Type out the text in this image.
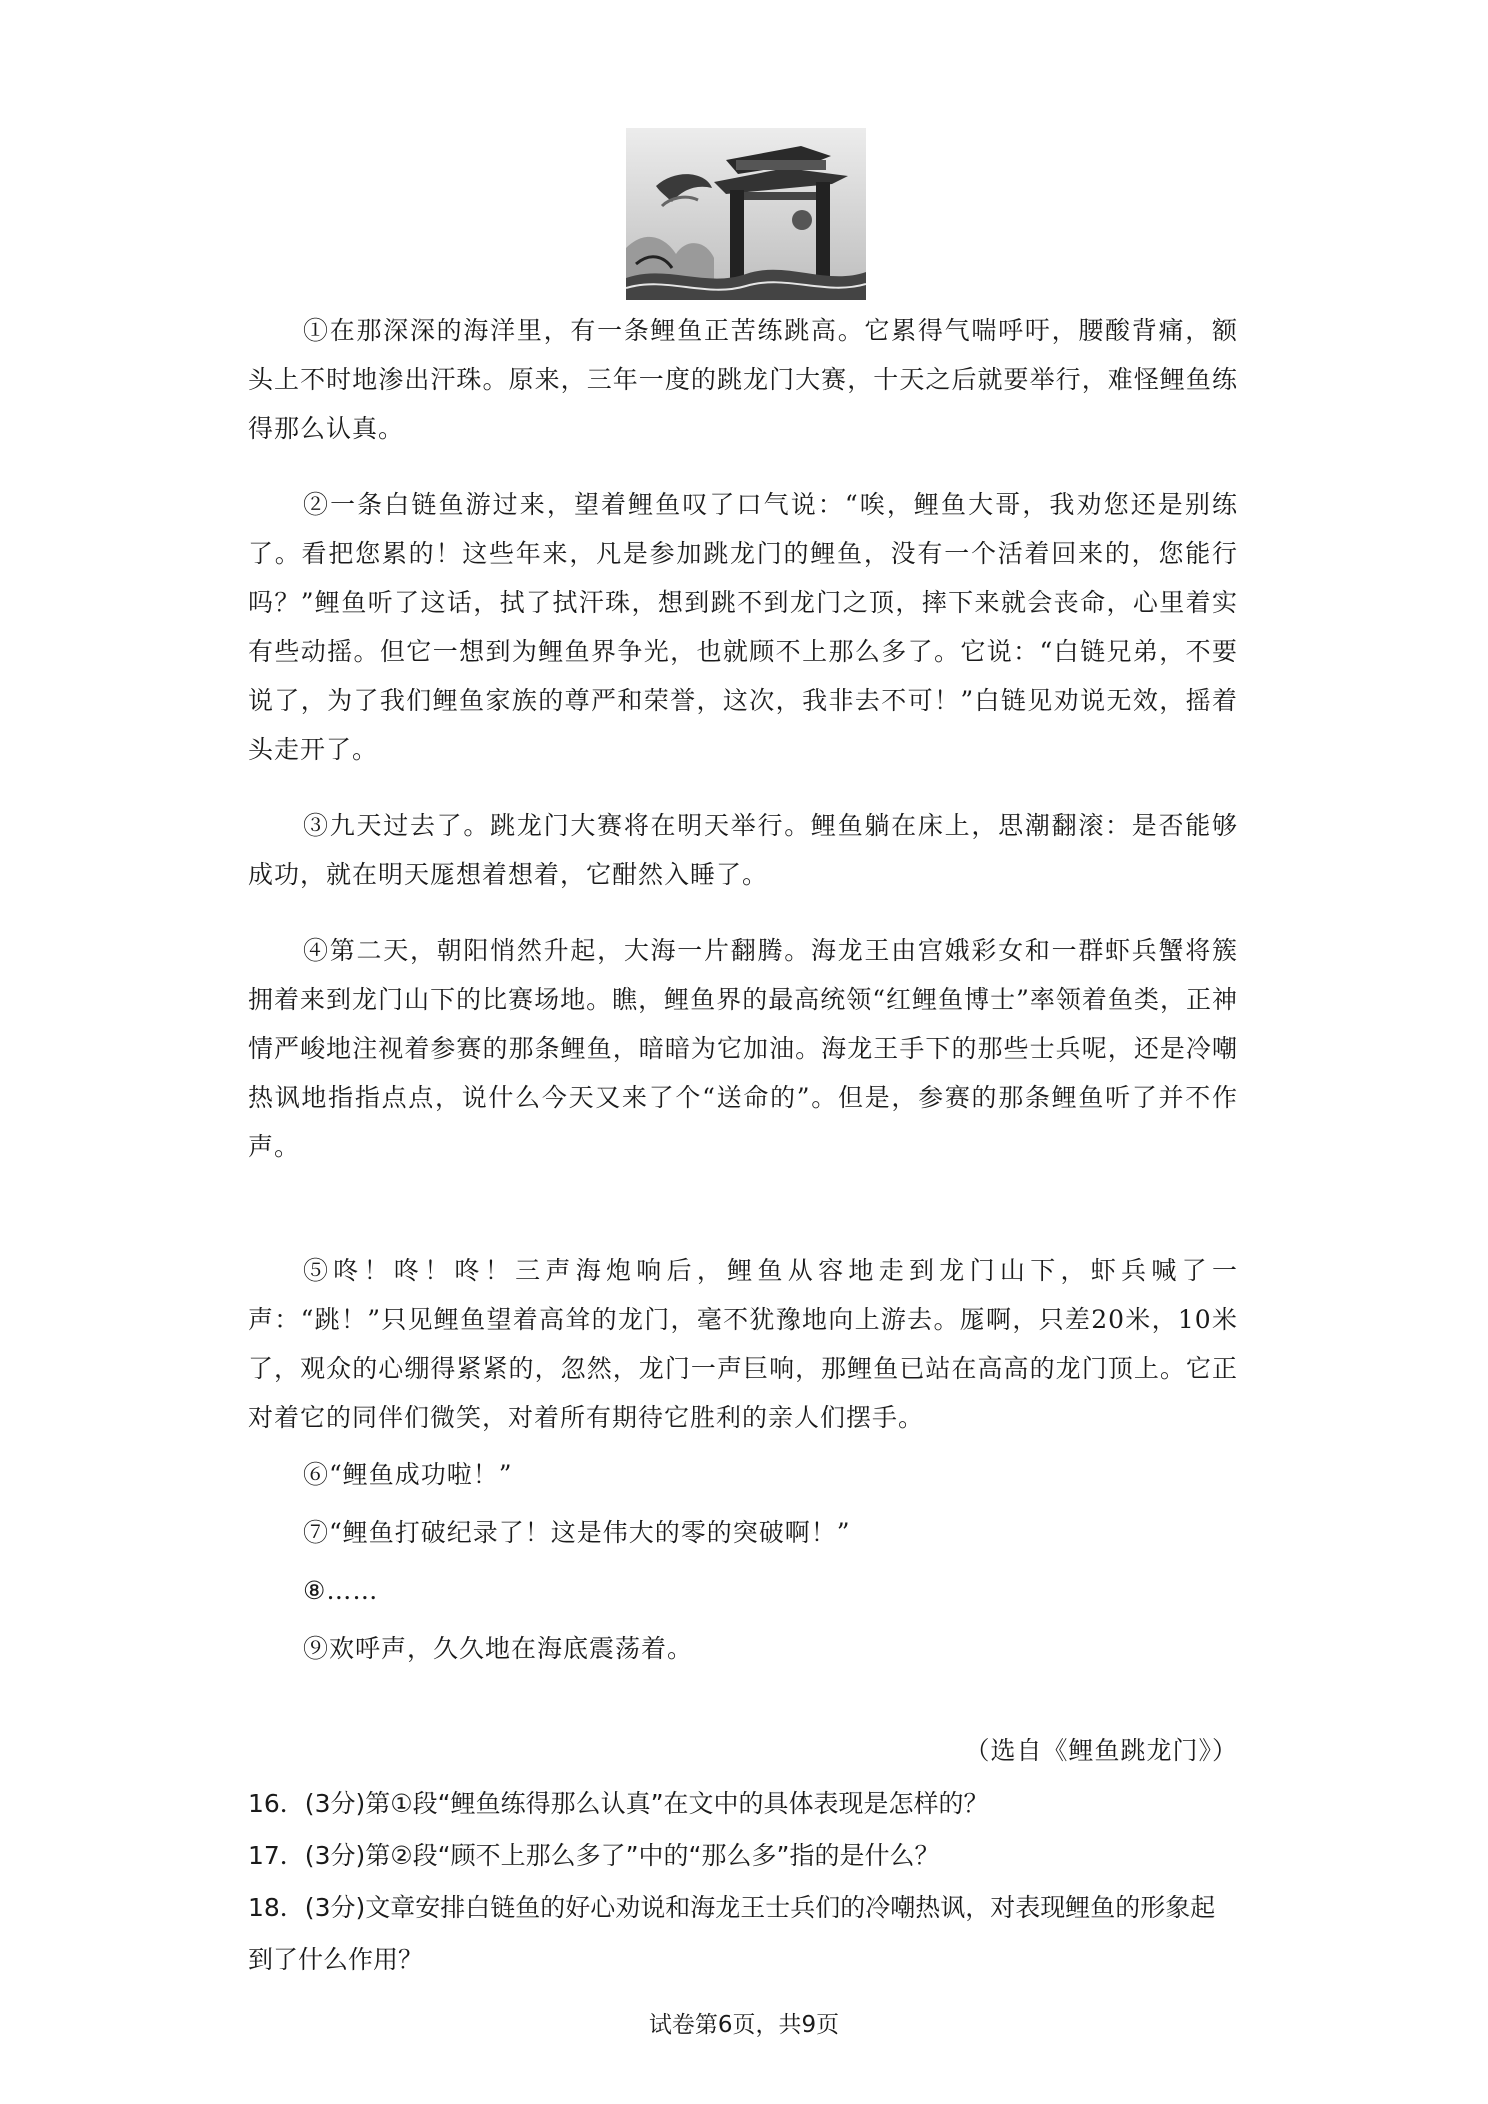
①在那深深的海洋里，有一条鲤鱼正苦练跳高。它累得气喘呼吁，腰酸背痛，额头上不时地渗出汗珠。原来，三年一度的跳龙门大赛，十天之后就要举行，难怪鲤鱼练得那么认真。

②一条白链鱼游过来，望着鲤鱼叹了口气说：“唉，鲤鱼大哥，我劝您还是别练了。看把您累的！这些年来，凡是参加跳龙门的鲤鱼，没有一个活着回来的，您能行吗？”鲤鱼听了这话，拭了拭汗珠，想到跳不到龙门之顶，摔下来就会丧命，心里着实有些动摇。但它一想到为鲤鱼界争光，也就顾不上那么多了。它说：“白链兄弟，不要说了，为了我们鲤鱼家族的尊严和荣誉，这次，我非去不可！”白链见劝说无效，摇着头走开了。

③九天过去了。跳龙门大赛将在明天举行。鲤鱼躺在床上，思潮翻滚：是否能够成功，就在明天厖想着想着，它酣然入睡了。

④第二天，朝阳悄然升起，大海一片翻腾。海龙王由宫娥彩女和一群虾兵蟹将簇拥着来到龙门山下的比赛场地。瞧，鲤鱼界的最高统领“红鲤鱼博士”率领着鱼类，正神情严峻地注视着参赛的那条鲤鱼，暗暗为它加油。海龙王手下的那些士兵呢，还是冷嘲热讽地指指点点，说什么今天又来了个“送命的”。但是，参赛的那条鲤鱼听了并不作声。

⑤咚！咚！咚！三声海炮响后，鲤鱼从容地走到龙门山下，虾兵喊了一声：“跳！”只见鲤鱼望着高耸的龙门，毫不犹豫地向上游去。厖啊，只差20米，10米了，观众的心绷得紧紧的，忽然，龙门一声巨响，那鲤鱼已站在高高的龙门顶上。它正对着它的同伴们微笑，对着所有期待它胜利的亲人们摆手。

⑥“鲤鱼成功啦！”

⑦“鲤鱼打破纪录了！这是伟大的零的突破啊！”

⑧……

⑨欢呼声，久久地在海底震荡着。

（选自《鲤鱼跳龙门》）

16．(3分)第①段“鲤鱼练得那么认真”在文中的具体表现是怎样的？

17．(3分)第②段“顾不上那么多了”中的“那么多”指的是什么？

18．(3分)文章安排白链鱼的好心劝说和海龙王士兵们的冷嘲热讽，对表现鲤鱼的形象起到了什么作用？

试卷第6页，共9页
